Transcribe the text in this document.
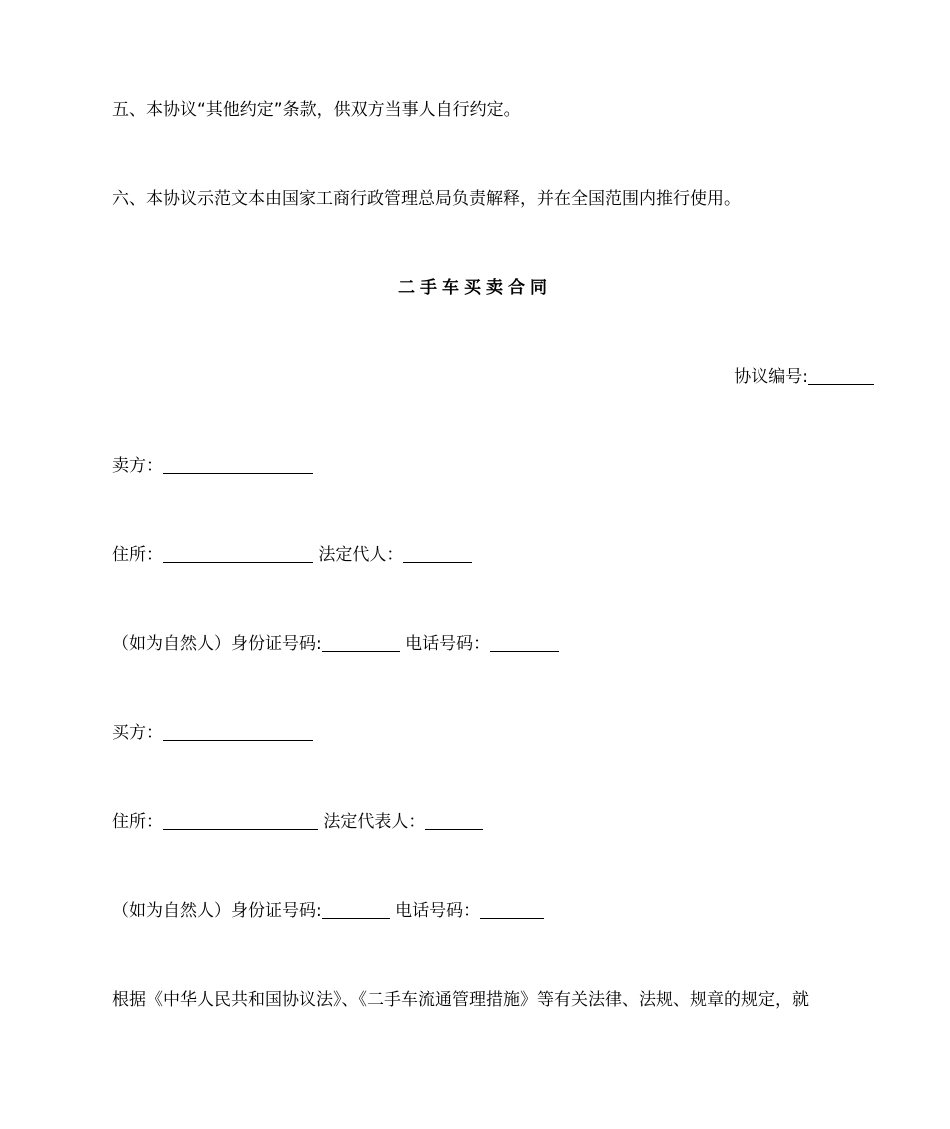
五、本协议“其他约定”条款，供双方当事人自行约定。
六、本协议示范文本由国家工商行政管理总局负责解释，并在全国范围内推行使用。
二手车买卖合同
协议编号:
卖方：
住所：	法定代人：
（如为自然人）身份证号码:	电话号码：
买方：
住所：	法定代表人：
（如为自然人）身份证号码:	电话号码：
根据《中华人民共和国协议法》、《二手车流通管理措施》等有关法律、法规、规章的规定，就
